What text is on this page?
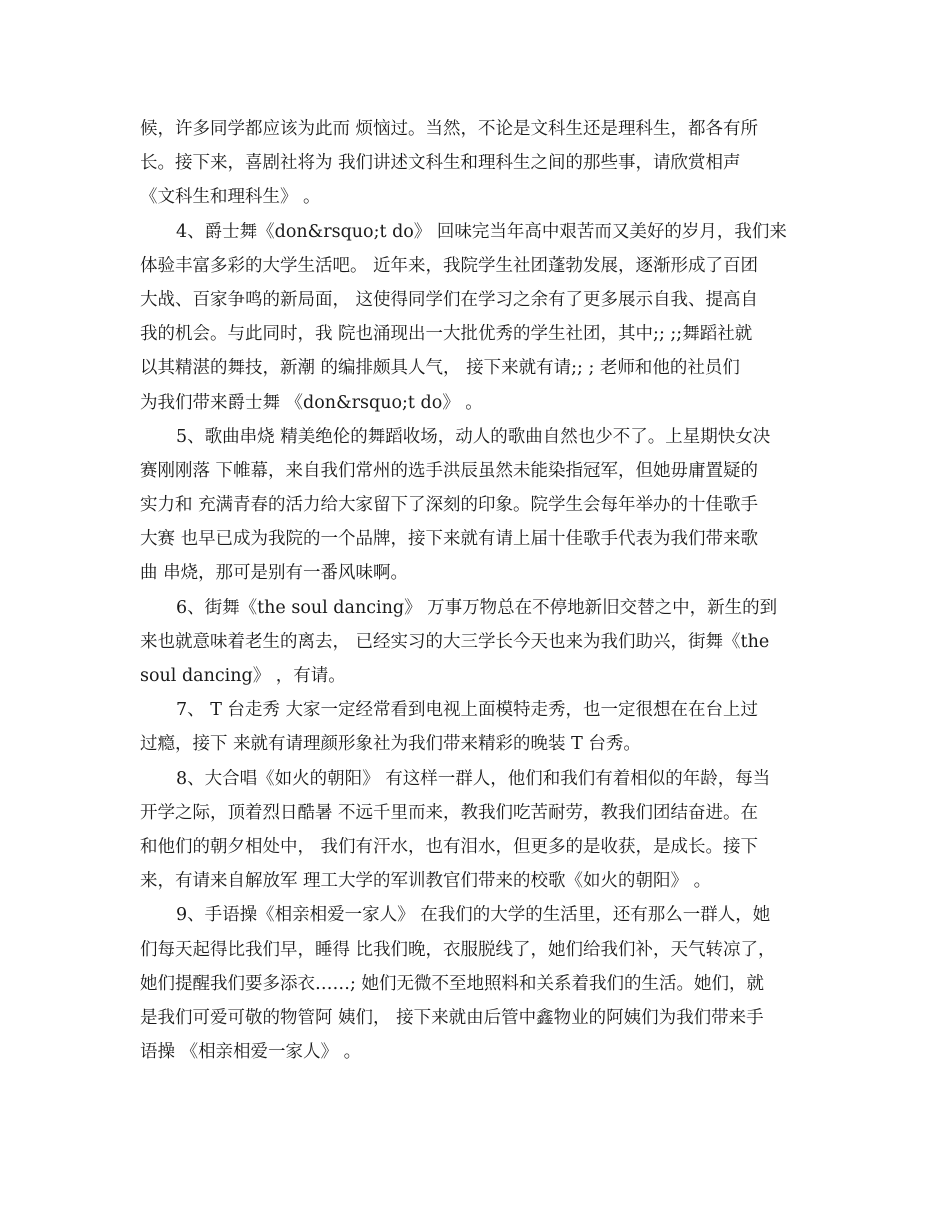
候，许多同学都应该为此而 烦恼过。当然，不论是文科生还是理科生，都各有所
长。接下来，喜剧社将为 我们讲述文科生和理科生之间的那些事，请欣赏相声
《文科生和理科生》 。
4、爵士舞《don&rsquo;t do》 回味完当年高中艰苦而又美好的岁月，我们来
体验丰富多彩的大学生活吧。 近年来，我院学生社团蓬勃发展，逐渐形成了百团
大战、百家争鸣的新局面， 这使得同学们在学习之余有了更多展示自我、提高自
我的机会。与此同时，我 院也涌现出一大批优秀的学生社团，其中;; ;;舞蹈社就
以其精湛的舞技，新潮 的编排颇具人气， 接下来就有请;; ; 老师和他的社员们
为我们带来爵士舞 《don&rsquo;t do》 。
5、歌曲串烧 精美绝伦的舞蹈收场，动人的歌曲自然也少不了。上星期快女决
赛刚刚落 下帷幕，来自我们常州的选手洪辰虽然未能染指冠军，但她毋庸置疑的
实力和 充满青春的活力给大家留下了深刻的印象。院学生会每年举办的十佳歌手
大赛 也早已成为我院的一个品牌，接下来就有请上届十佳歌手代表为我们带来歌
曲 串烧，那可是别有一番风味啊。
6、街舞《the soul dancing》 万事万物总在不停地新旧交替之中，新生的到
来也就意味着老生的离去， 已经实习的大三学长今天也来为我们助兴，街舞《the
soul dancing》 ，有请。
7、 T 台走秀 大家一定经常看到电视上面模特走秀，也一定很想在在台上过
过瘾，接下 来就有请理颜形象社为我们带来精彩的晚装 T 台秀。
8、大合唱《如火的朝阳》 有这样一群人，他们和我们有着相似的年龄，每当
开学之际，顶着烈日酷暑 不远千里而来，教我们吃苦耐劳，教我们团结奋进。在
和他们的朝夕相处中， 我们有汗水，也有泪水，但更多的是收获，是成长。接下
来，有请来自解放军 理工大学的军训教官们带来的校歌《如火的朝阳》 。
9、手语操《相亲相爱一家人》 在我们的大学的生活里，还有那么一群人，她
们每天起得比我们早，睡得 比我们晚，衣服脱线了，她们给我们补，天气转凉了，
她们提醒我们要多添衣……; 她们无微不至地照料和关系着我们的生活。她们，就
是我们可爱可敬的物管阿 姨们， 接下来就由后管中鑫物业的阿姨们为我们带来手
语操 《相亲相爱一家人》 。
